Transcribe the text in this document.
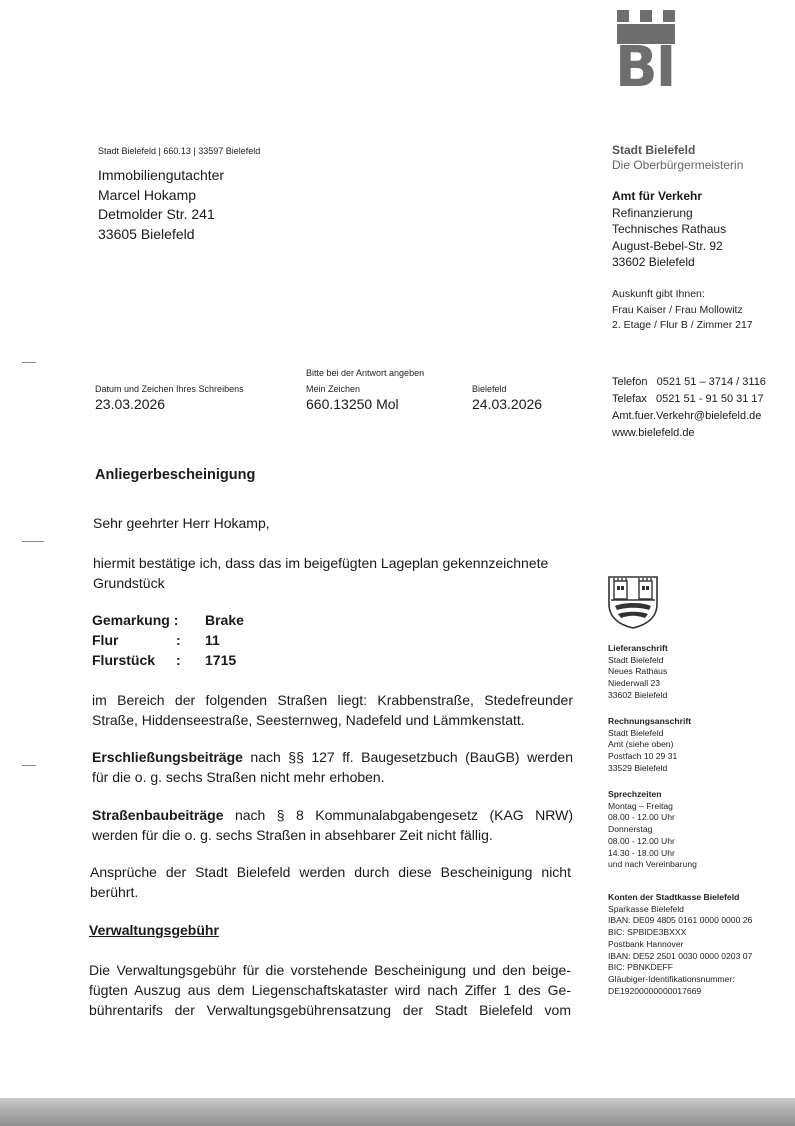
BI
Stadt Bielefeld | 660.13 | 33597 Bielefeld
Immobiliengutachter
Marcel Hokamp
Detmolder Str. 241
33605 Bielefeld
Stadt Bielefeld
Die Oberbürgermeisterin
Amt für Verkehr
Refinanzierung
Technisches Rathaus
August-Bebel-Str. 92
33602 Bielefeld
Auskunft gibt Ihnen:
Frau Kaiser / Frau Mollowitz
2. Etage / Flur B / Zimmer 217
Bitte bei der Antwort angeben
Datum und Zeichen Ihres Schreibens
23.03.2026
Mein Zeichen
660.13250 Mol
Bielefeld
24.03.2026
Telefon   0521 51 – 3714 / 3116
Telefax   0521 51 - 91 50 31 17
Amt.fuer.Verkehr@bielefeld.de
www.bielefeld.de
Anliegerbescheinigung
Sehr geehrter Herr Hokamp,
hiermit bestätige ich, dass das im beigefügten Lageplan gekennzeichnete
Grundstück
Gemarkung : Brake
Flur	: 11
Flurstück : 1715
im Bereich der folgenden Straßen liegt: Krabbenstraße, Stedefreunder
Straße, Hiddenseestraße, Seesternweg, Nadefeld und Lämmkenstatt.
Erschließungsbeiträge nach §§ 127 ff. Baugesetzbuch (BauGB) werden
für die o. g. sechs Straßen nicht mehr erhoben.
Straßenbaubeiträge nach § 8 Kommunalabgabengesetz (KAG NRW)
werden für die o. g. sechs Straßen in absehbarer Zeit nicht fällig.
Ansprüche der Stadt Bielefeld werden durch diese Bescheinigung nicht
berührt.
Verwaltungsgebühr
Die Verwaltungsgebühr für die vorstehende Bescheinigung und den beige-
fügten Auszug aus dem Liegenschaftskataster wird nach Ziffer 1 des Ge-
bührentarifs der Verwaltungsgebührensatzung der Stadt Bielefeld vom
Lieferanschrift
Stadt Bielefeld
Neues Rathaus
Niederwall 23
33602 Bielefeld
Rechnungsanschrift
Stadt Bielefeld
Amt (siehe oben)
Postfach 10 29 31
33529 Bielefeld
Sprechzeiten
Montag – Freitag
08.00 - 12.00 Uhr
Donnerstag
08.00 - 12.00 Uhr
14.30 - 18.00 Uhr
und nach Vereinbarung
Konten der Stadtkasse Bielefeld
Sparkasse Bielefeld
IBAN: DE09 4805 0161 0000 0000 26
BIC: SPBIDE3BXXX
Postbank Hannover
IBAN: DE52 2501 0030 0000 0203 07
BIC: PBNKDEFF
Gläubiger-Identifikationsnummer:
DE19200000000017669
